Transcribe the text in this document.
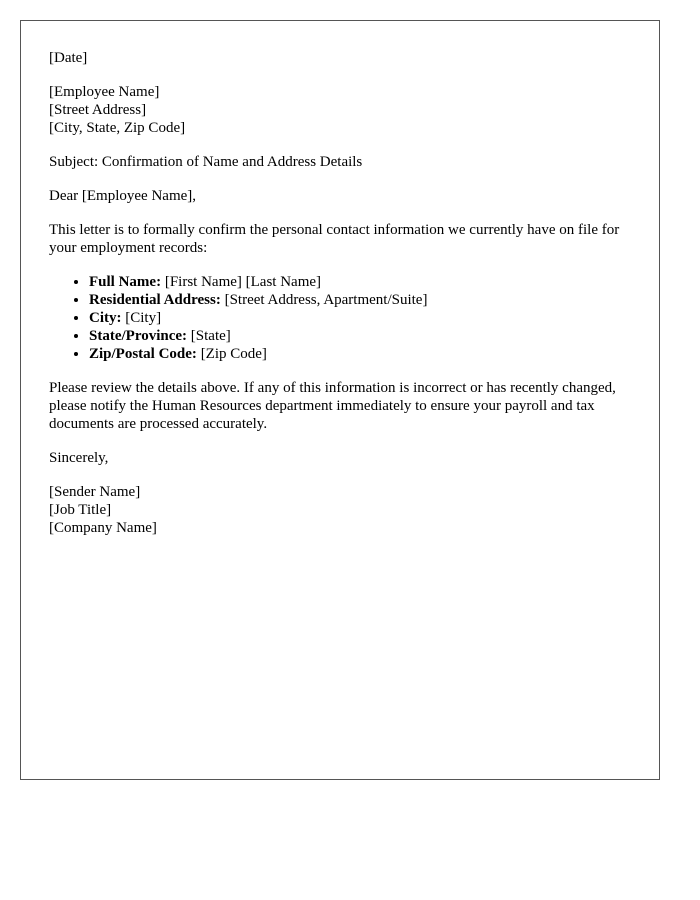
[Date]

[Employee Name]
[Street Address]
[City, State, Zip Code]

Subject: Confirmation of Name and Address Details

Dear [Employee Name],

This letter is to formally confirm the personal contact information we currently have on file for your employment records:

• Full Name: [First Name] [Last Name]
• Residential Address: [Street Address, Apartment/Suite]
• City: [City]
• State/Province: [State]
• Zip/Postal Code: [Zip Code]

Please review the details above. If any of this information is incorrect or has recently changed, please notify the Human Resources department immediately to ensure your payroll and tax documents are processed accurately.

Sincerely,

[Sender Name]
[Job Title]
[Company Name]
